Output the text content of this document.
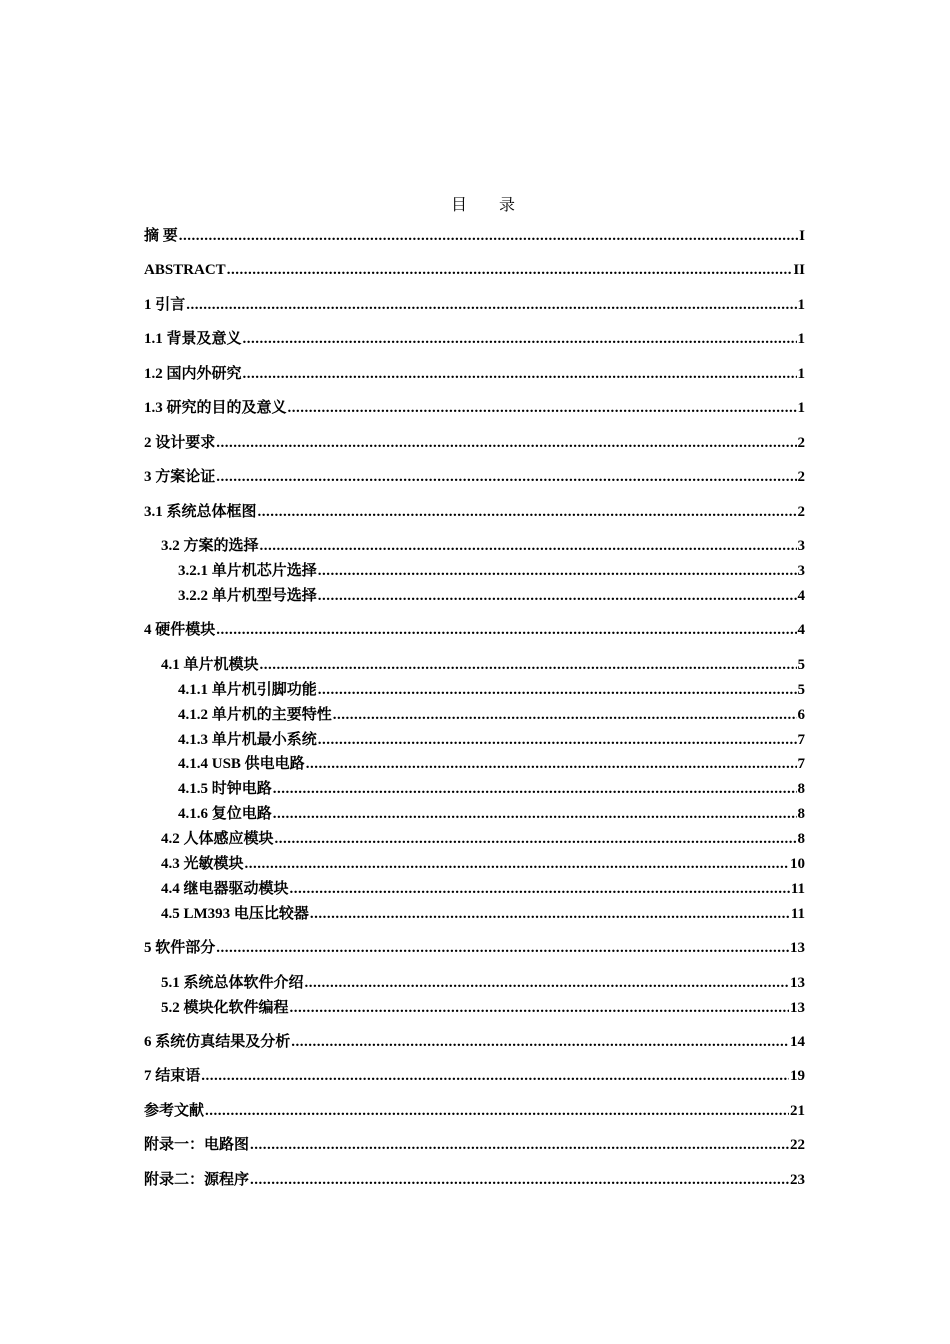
目 录
摘 要 .....	I
ABSTRACT .....	II
1 引言 .....	1
1.1 背景及意义 .....	1
1.2 国内外研究 .....	1
1.3 研究的目的及意义 .....	1
2 设计要求 .....	2
3 方案论证 .....	2
3.1 系统总体框图 .....	2
3.2 方案的选择 .....	3
3.2.1 单片机芯片选择 .....	3
3.2.2 单片机型号选择 .....	4
4 硬件模块 .....	4
4.1 单片机模块 .....	5
4.1.1 单片机引脚功能 .....	5
4.1.2 单片机的主要特性 .....	6
4.1.3 单片机最小系统 .....	7
4.1.4 USB 供电电路 .....	7
4.1.5 时钟电路 .....	8
4.1.6 复位电路 .....	8
4.2 人体感应模块 .....	8
4.3 光敏模块 .....	10
4.4 继电器驱动模块 .....	11
4.5 LM393 电压比较器 .....	11
5 软件部分 .....	13
5.1 系统总体软件介绍 .....	13
5.2 模块化软件编程 .....	13
6 系统仿真结果及分析 .....	14
7 结束语 .....	19
参考文献 .....	21
附录一：电路图 .....	22
附录二：源程序 .....	23
